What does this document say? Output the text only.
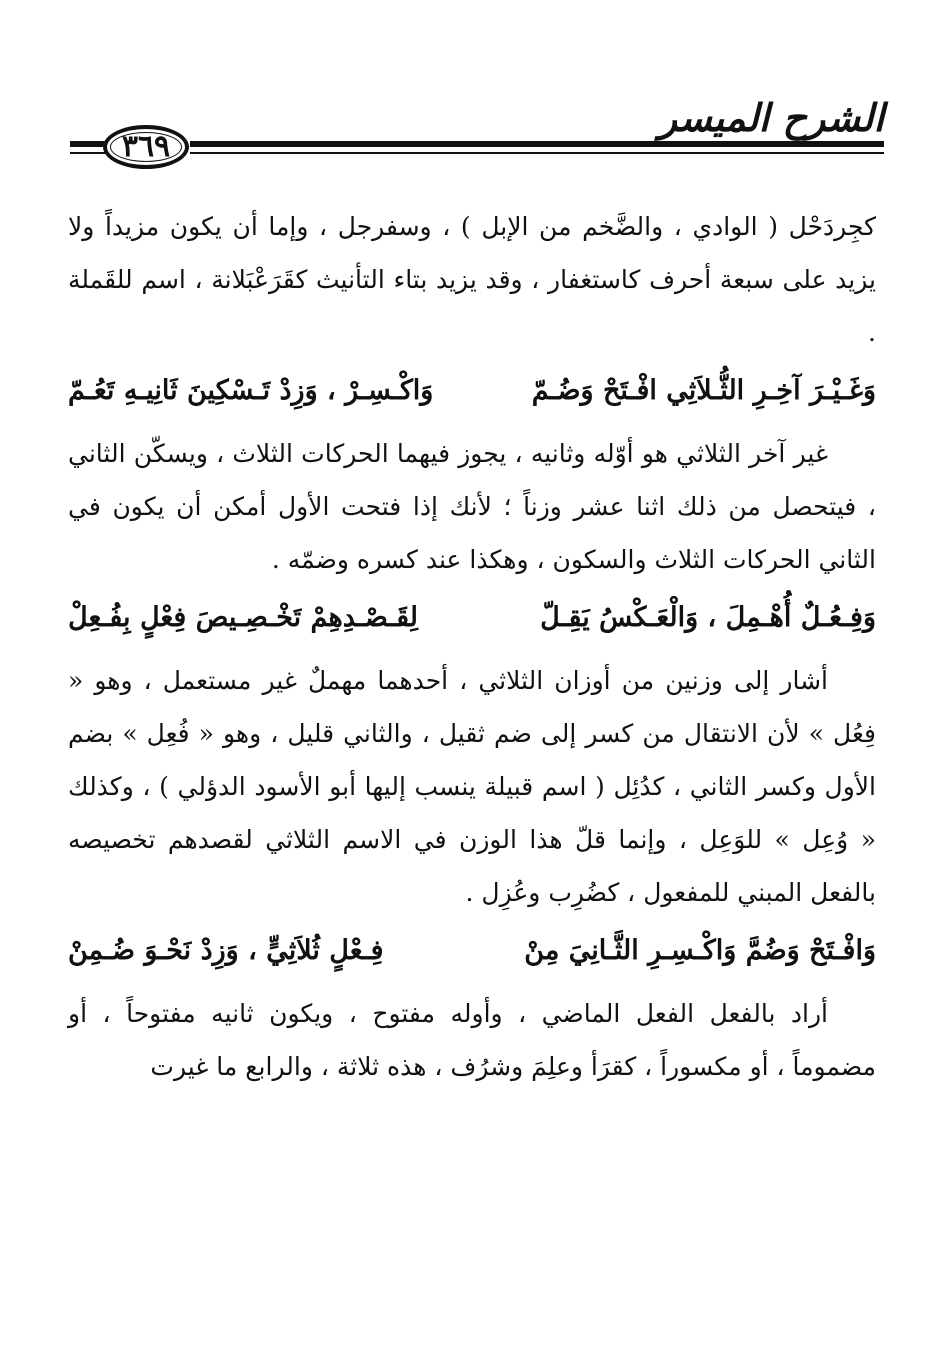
الشرح الميسر
٣٦٩

كجِردَحْل ( الوادي ، والضَّخم من الإبل ) ، وسفرجل ، وإما أن يكون مزيداً ولا يزيد على سبعة أحرف كاستغفار ، وقد يزيد بتاء التأنيث كقَرَعْبَلانة ، اسم للقَملة .

وَغَـيْـرَ آخِـرِ الثُّـلاَثِي افْـتَحْ وَضُـمّ
وَاكْـسِـرْ ، وَزِدْ تَـسْكِينَ ثَانِيـهِ تَعُـمّ

غير آخر الثلاثي هو أوّله وثانيه ، يجوز فيهما الحركات الثلاث ، ويسكّن الثاني ، فيتحصل من ذلك اثنا عشر وزناً ؛ لأنك إذا فتحت الأول أمكن أن يكون في الثاني الحركات الثلاث والسكون ، وهكذا عند كسره وضمّه .

وَفِـعُـلٌ أُهْـمِلَ ، وَالْعَـكْسُ يَقِـلّ
لِقَـصْـدِهِمْ تَخْـصِـيصَ فِعْلٍ بِفُـعِلْ

أشار إلى وزنين من أوزان الثلاثي ، أحدهما مهملٌ غير مستعمل ، وهو « فِعُل » لأن الانتقال من كسر إلى ضم ثقيل ، والثاني قليل ، وهو « فُعِل » بضم الأول وكسر الثاني ، كدُئِل ( اسم قبيلة ينسب إليها أبو الأسود الدؤلي ) ، وكذلك « وُعِل » للوَعِل ، وإنما قلّ هذا الوزن في الاسم الثلاثي لقصدهم تخصيصه بالفعل المبني للمفعول ، كضُرِب وعُزِل .

وَافْـتَحْ وَضُمَّ وَاكْـسِـرِ الثَّـانِيَ مِنْ
فِـعْلٍ ثُلاَثِيٍّ ، وَزِدْ نَحْـوَ ضُـمِنْ

أراد بالفعل الفعل الماضي ، وأوله مفتوح ، ويكون ثانيه مفتوحاً ، أو مضموماً ، أو مكسوراً ، كقرَأ وعلِمَ وشرُف ، هذه ثلاثة ، والرابع ما غيرت
